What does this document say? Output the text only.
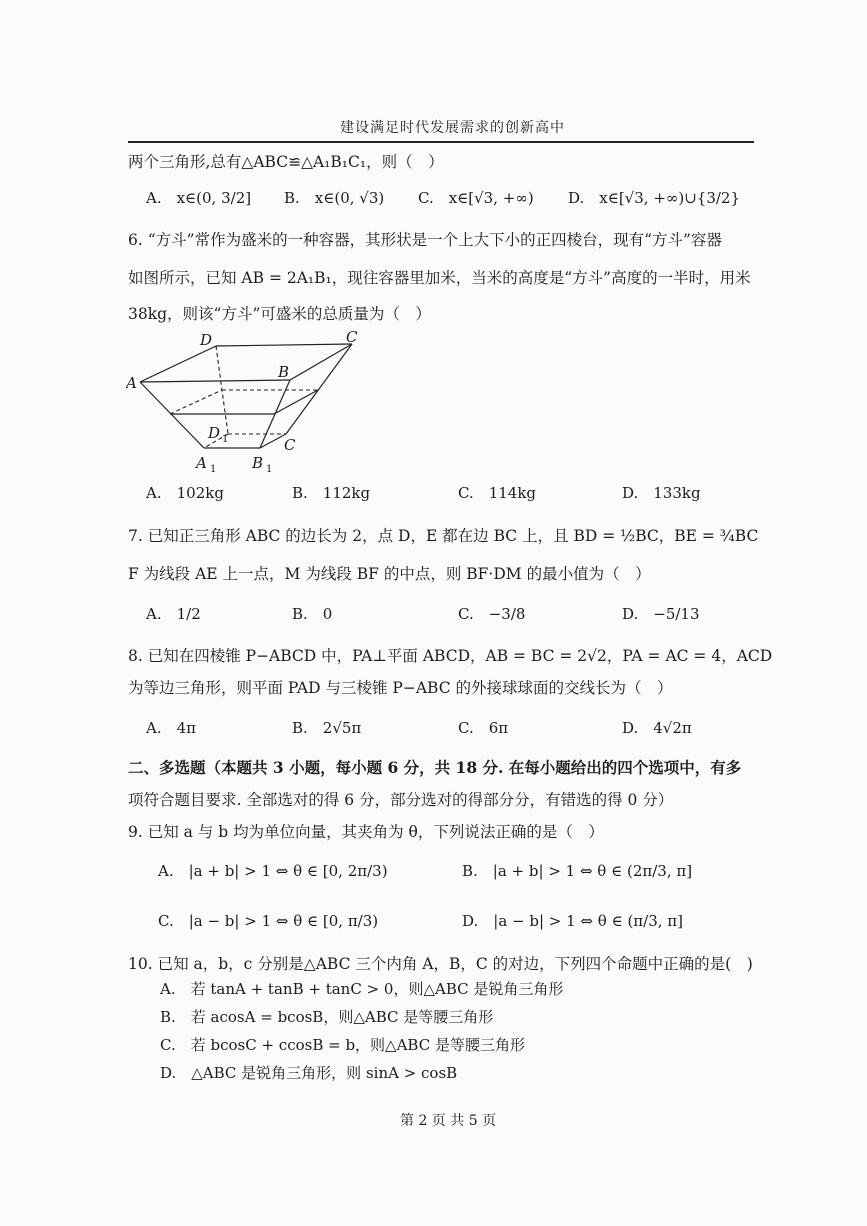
建设满足时代发展需求的创新高中
两个三角形,总有△ABC≌△A₁B₁C₁，则（　）
A.　x∈(0, 3/2] B.　x∈(0, √3) C.　x∈[√3, +∞) D.　x∈[√3, +∞)∪{3/2}
6. “方斗”常作为盛米的一种容器，其形状是一个上大下小的正四棱台，现有“方斗”容器
如图所示，已知 AB = 2A₁B₁，现往容器里加米，当米的高度是“方斗”高度的一半时，用米
38kg，则该“方斗”可盛米的总质量为（　）
D	C
A
B
D
C
A	B
1
1	1
A.　102kg	B.　112kg	C.　114kg	D.　133kg
7. 已知正三角形 ABC 的边长为 2，点 D，E 都在边 BC 上，且 BD = ½BC，BE = ¾BC
F 为线段 AE 上一点，M 为线段 BF 的中点，则 BF·DM 的最小值为（　）
A.　1/2	B.　0	C.　−3/8	D.　−5/13
8. 已知在四棱锥 P−ABCD 中，PA⊥平面 ABCD，AB = BC = 2√2，PA = AC = 4，ACD
为等边三角形，则平面 PAD 与三棱锥 P−ABC 的外接球球面的交线长为（　）
A.　4π	B.　2√5π	C.　6π	D.　4√2π
二、多选题（本题共 3 小题，每小题 6 分，共 18 分. 在每小题给出的四个选项中，有多
项符合题目要求. 全部选对的得 6 分，部分选对的得部分分，有错选的得 0 分）
9. 已知 a 与 b 均为单位向量，其夹角为 θ，下列说法正确的是（　）
A.　|a + b| > 1 ⇔ θ ∈ [0, 2π/3)	B.　|a + b| > 1 ⇔ θ ∈ (2π/3, π]
C.　|a − b| > 1 ⇔ θ ∈ [0, π/3)	D.　|a − b| > 1 ⇔ θ ∈ (π/3, π]
10. 已知 a，b，c 分别是△ABC 三个内角 A，B，C 的对边，下列四个命题中正确的是(　)
A.　若 tanA + tanB + tanC > 0，则△ABC 是锐角三角形
B.　若 acosA = bcosB，则△ABC 是等腰三角形
C.　若 bcosC + ccosB = b，则△ABC 是等腰三角形
D.　△ABC 是锐角三角形，则 sinA > cosB
第 2 页 共 5 页
